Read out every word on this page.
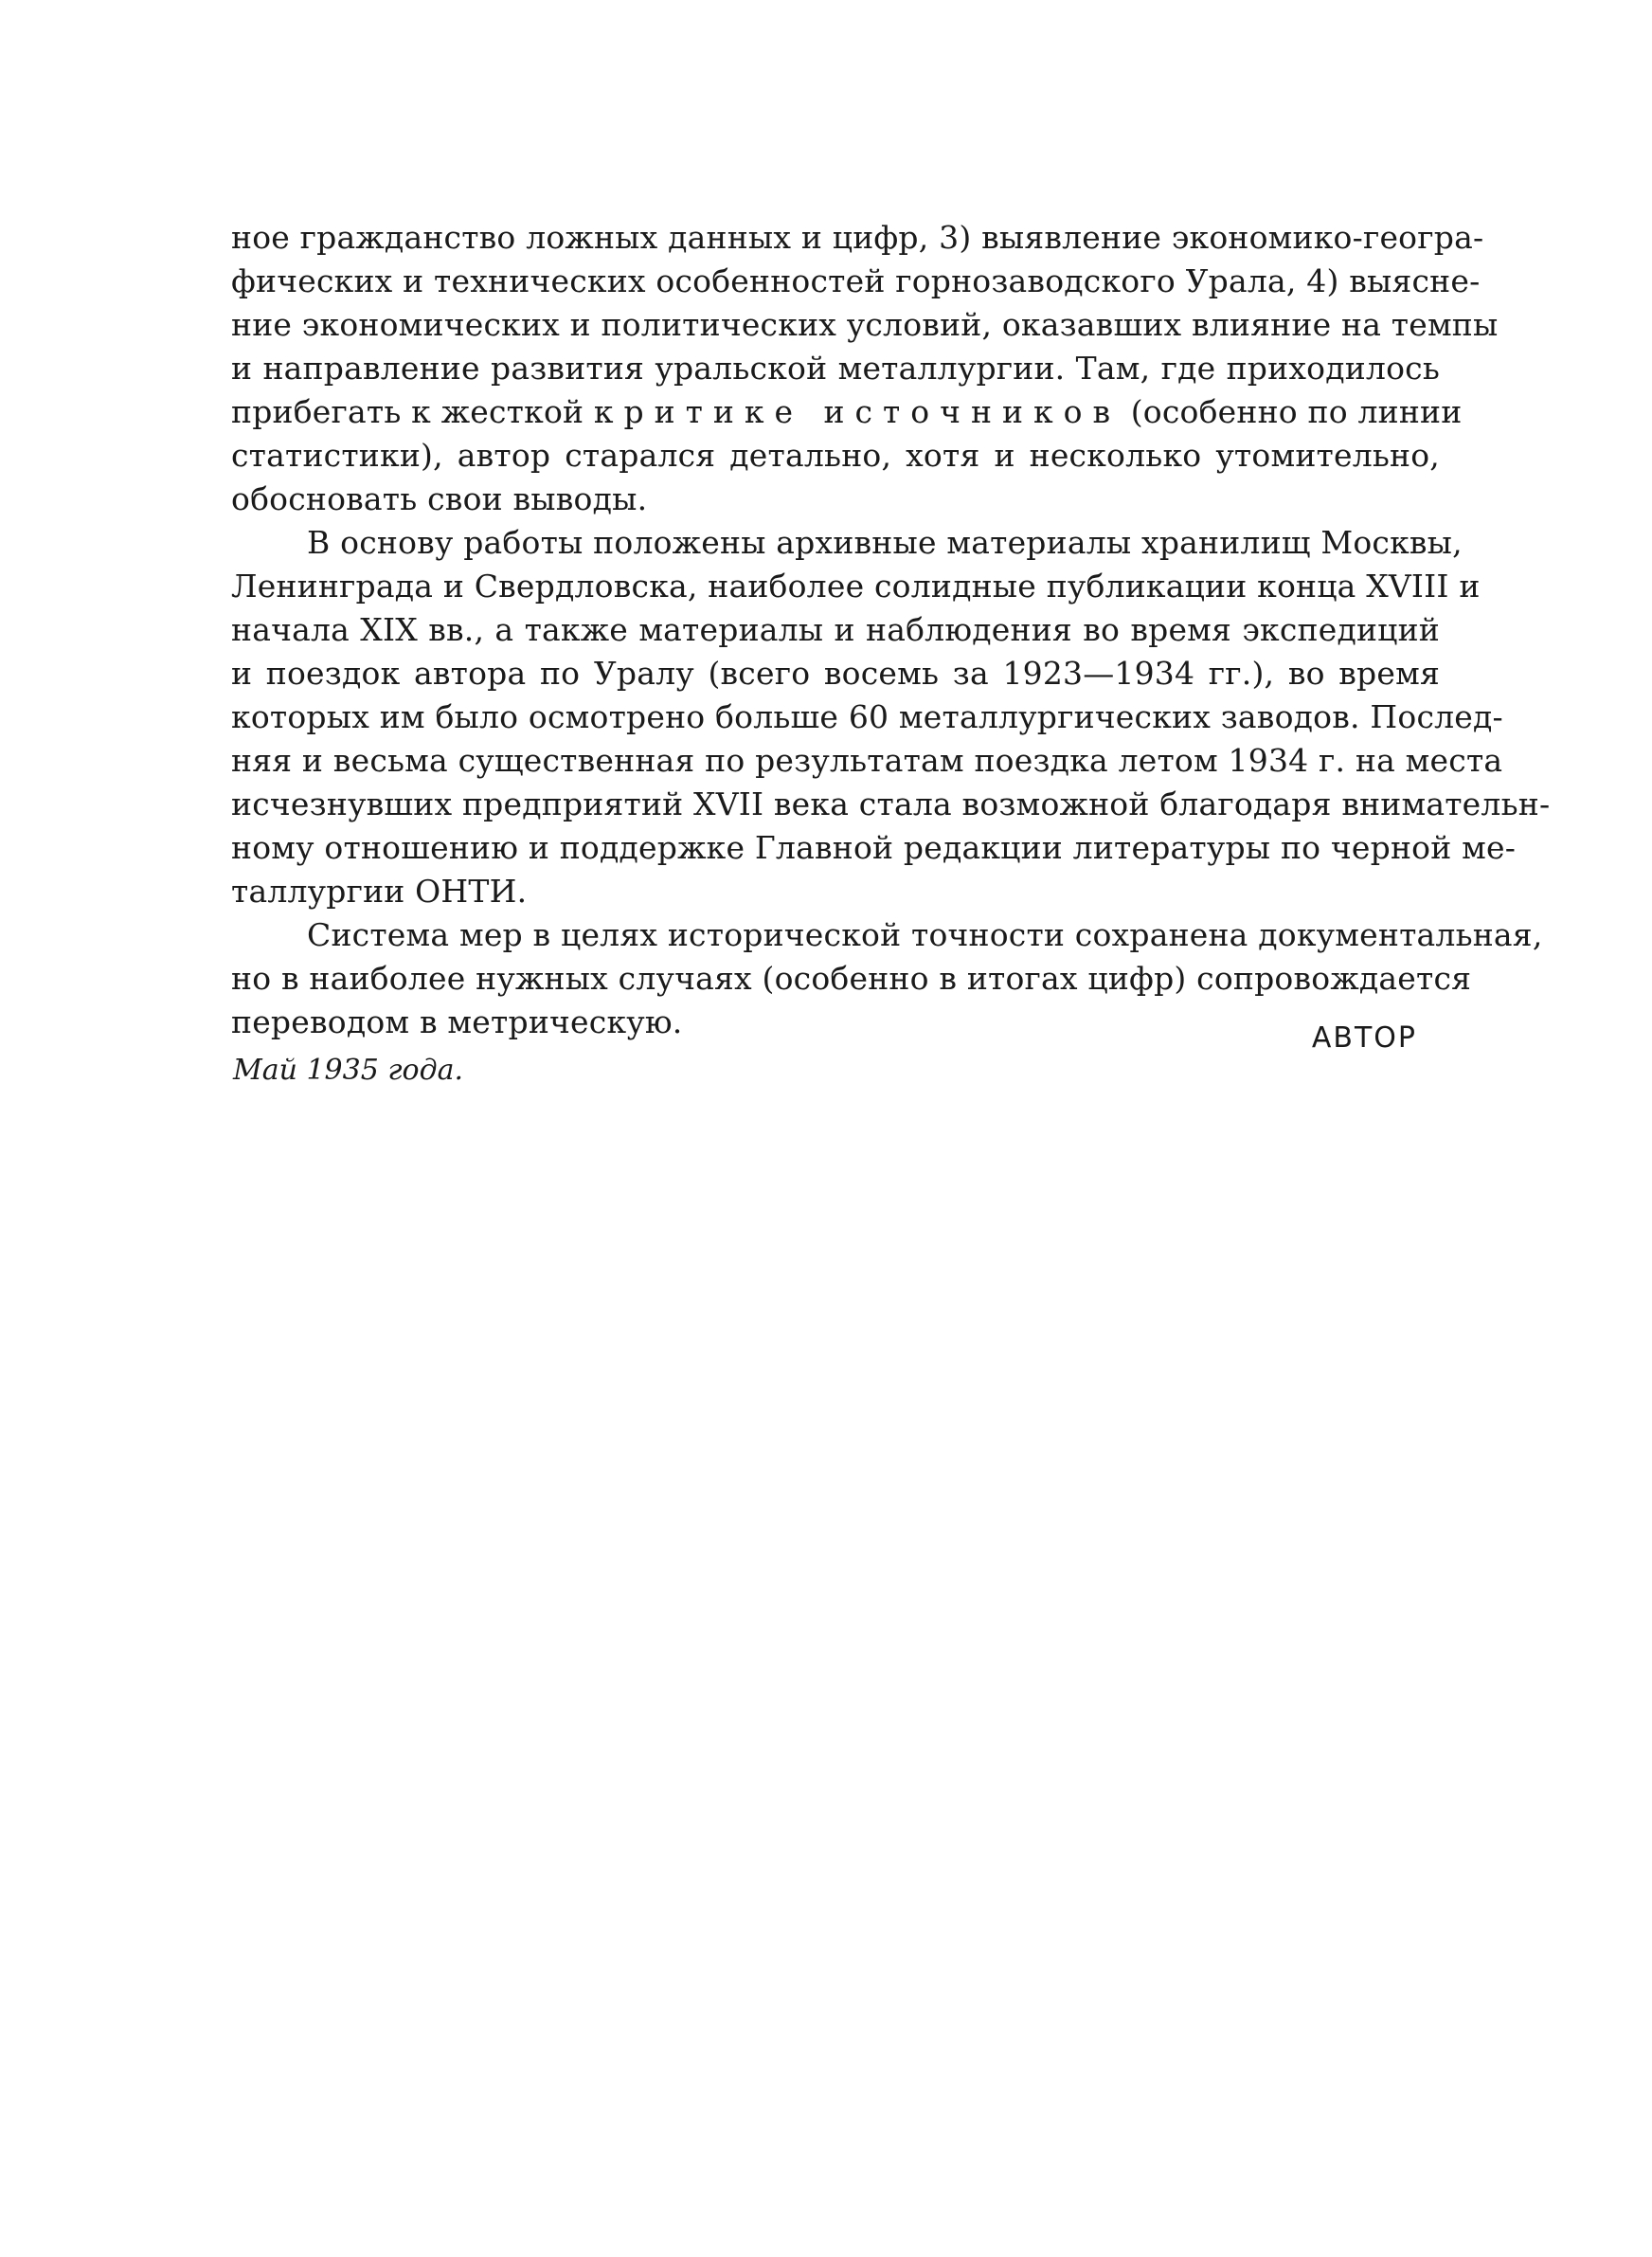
ное гражданство ложных данных и цифр, 3) выявление экономико-геогра-
фических и технических особенностей горнозаводского Урала, 4) выясне-
ние экономических и политических условий, оказавших влияние на темпы
и направление развития уральской металлургии. Там, где приходилось
прибегать к жесткой критике источников (особенно по линии
статистики), автор старался детально, хотя и несколько утомительно,
обосновать свои выводы.
В основу работы положены архивные материалы хранилищ Москвы,
Ленинграда и Свердловска, наиболее солидные публикации конца XVIII и
начала XIX вв., а также материалы и наблюдения во время экспедиций
и поездок автора по Уралу (всего восемь за 1923—1934 гг.), во время
которых им было осмотрено больше 60 металлургических заводов. Послед-
няя и весьма существенная по результатам поездка летом 1934 г. на места
исчезнувших предприятий XVII века стала возможной благодаря внимательн-
ному отношению и поддержке Главной редакции литературы по черной ме-
таллургии ОНТИ.
Система мер в целях исторической точности сохранена документальная,
но в наиболее нужных случаях (особенно в итогах цифр) сопровождается
переводом в метрическую.	АВТОР
Май 1935 года.
